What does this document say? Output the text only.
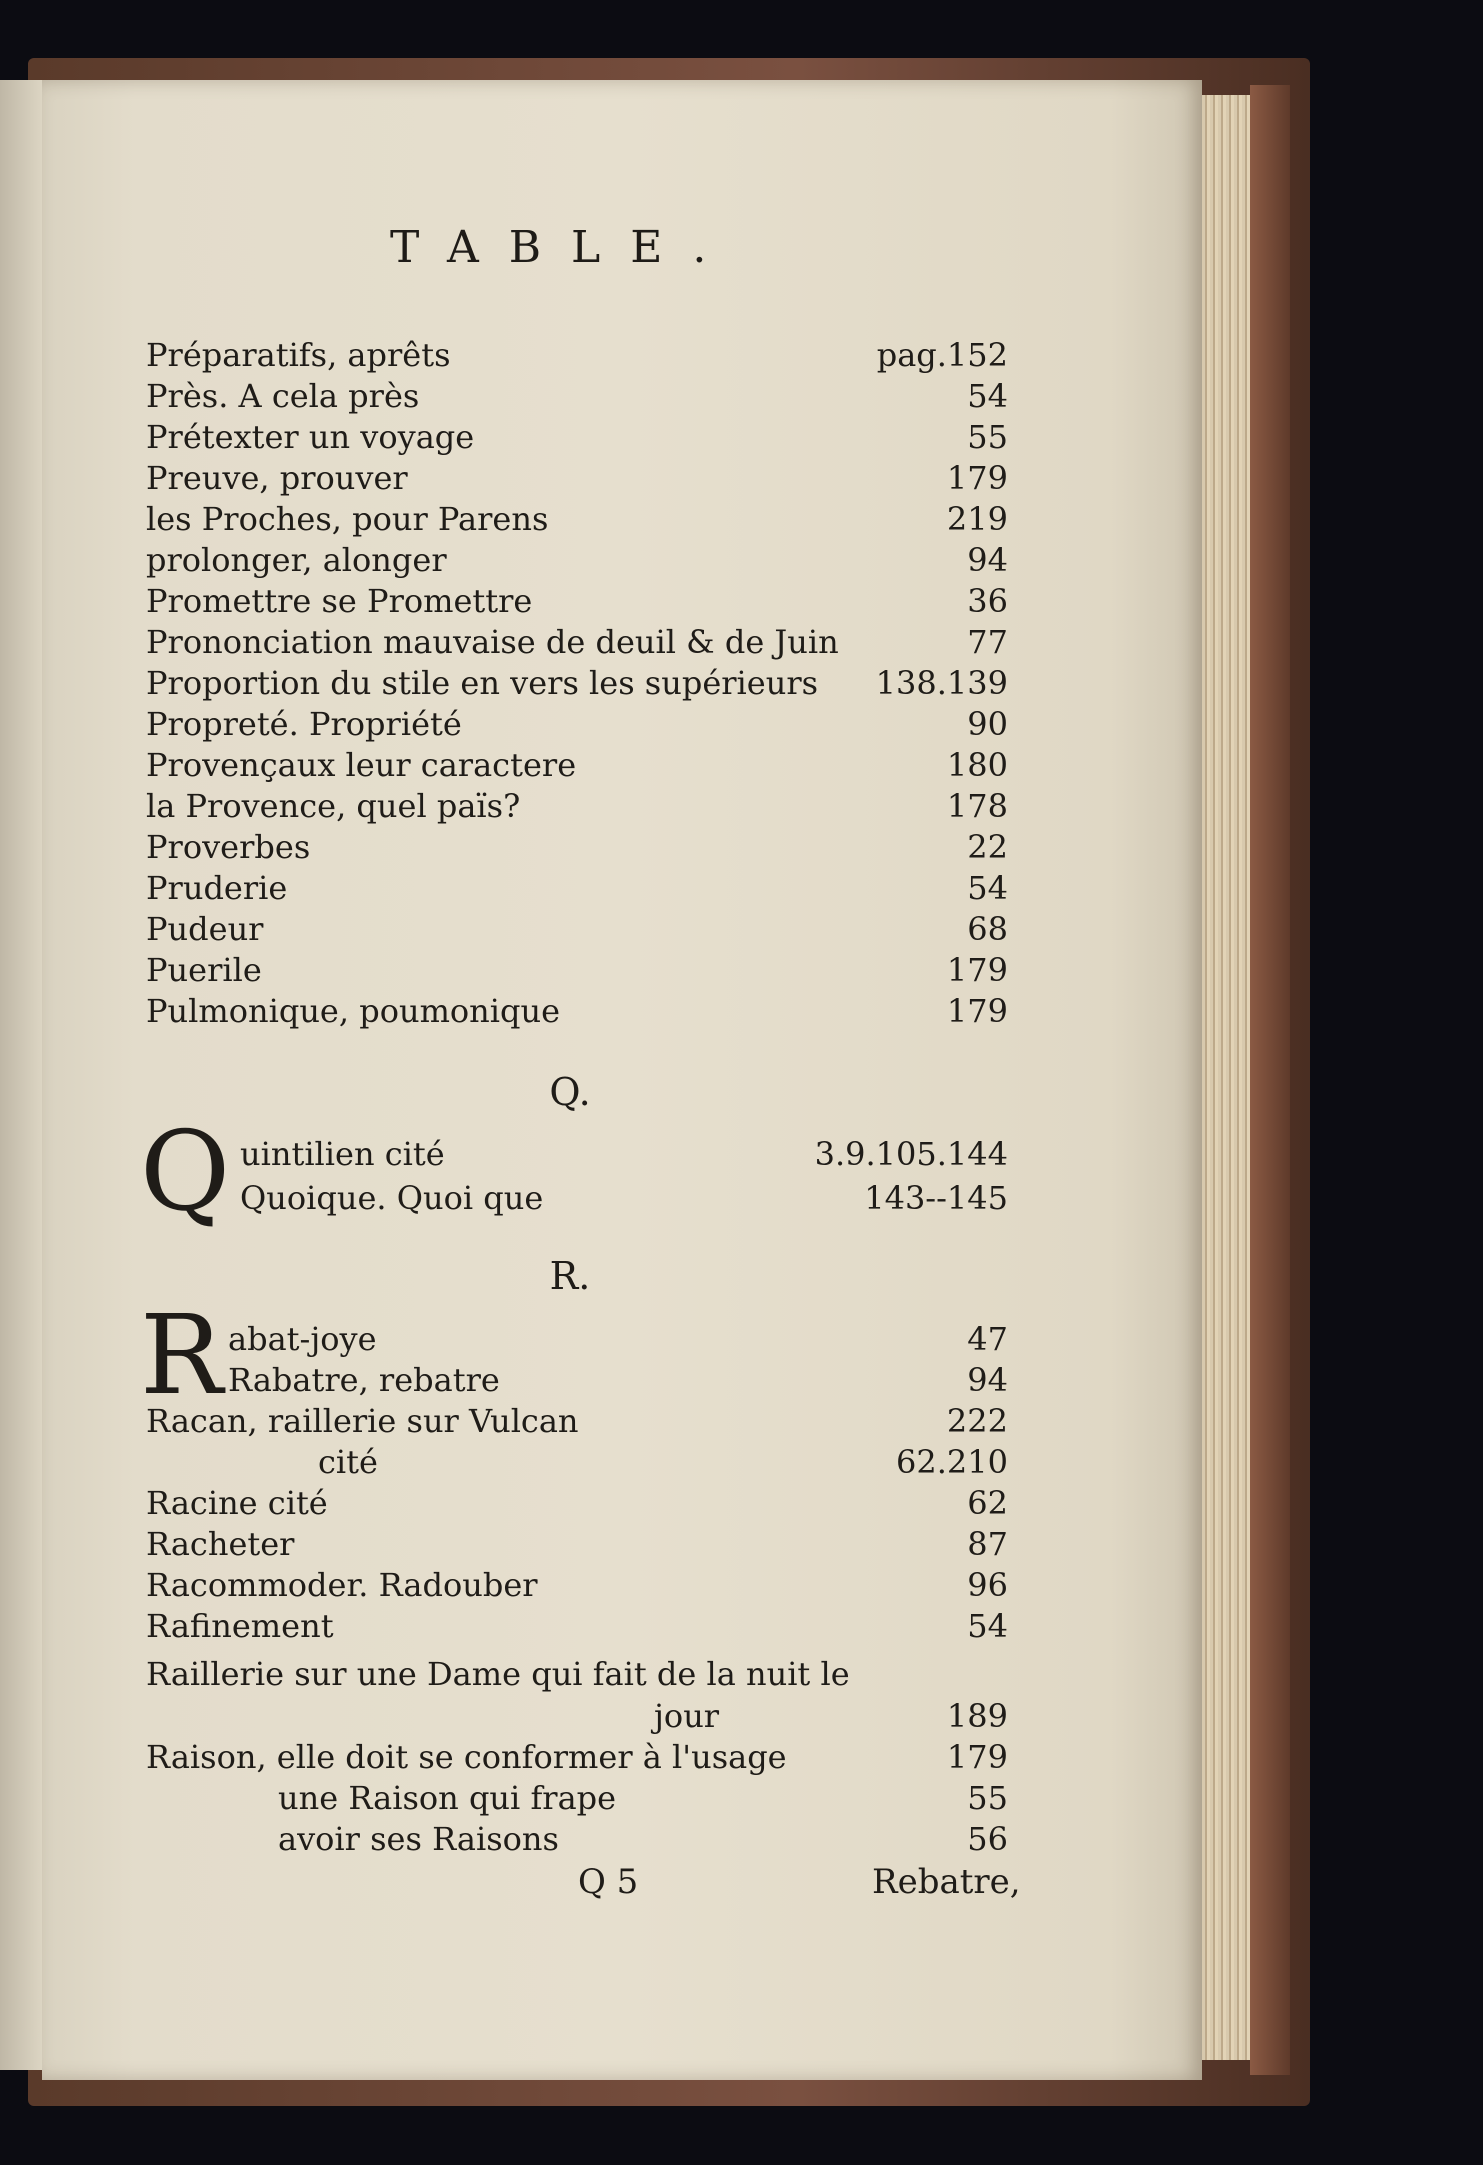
TABLE.
Préparatifs, aprêts	pag.152
Près. A cela près	54
Prétexter un voyage	55
Preuve, prouver	179
les Proches, pour Parens	219
prolonger, alonger	94
Promettre se Promettre	36
Prononciation mauvaise de deuil & de Juin	77
Proportion du stile en vers les supérieurs 138.139
Propreté. Propriété	90
Provençaux leur caractere	180
la Provence, quel païs?	178
Proverbes	22
Pruderie	54
Pudeur	68
Puerile	179
Pulmonique, poumonique	179
Q.
Q uintilien cité	3.9.105.144
Quoique. Quoi que	143--145
R.
R abat-joye	47
Rabatre, rebatre	94
Racan, raillerie sur Vulcan	222
cité	62.210
Racine cité	62
Racheter	87
Racommoder. Radouber	96
Rafinement	54
Raillerie sur une Dame qui fait de la nuit le
jour	189
Raison, elle doit se conformer à l'usage	179
une Raison qui frape	55
avoir ses Raisons	56
Q 5	Rebatre,
